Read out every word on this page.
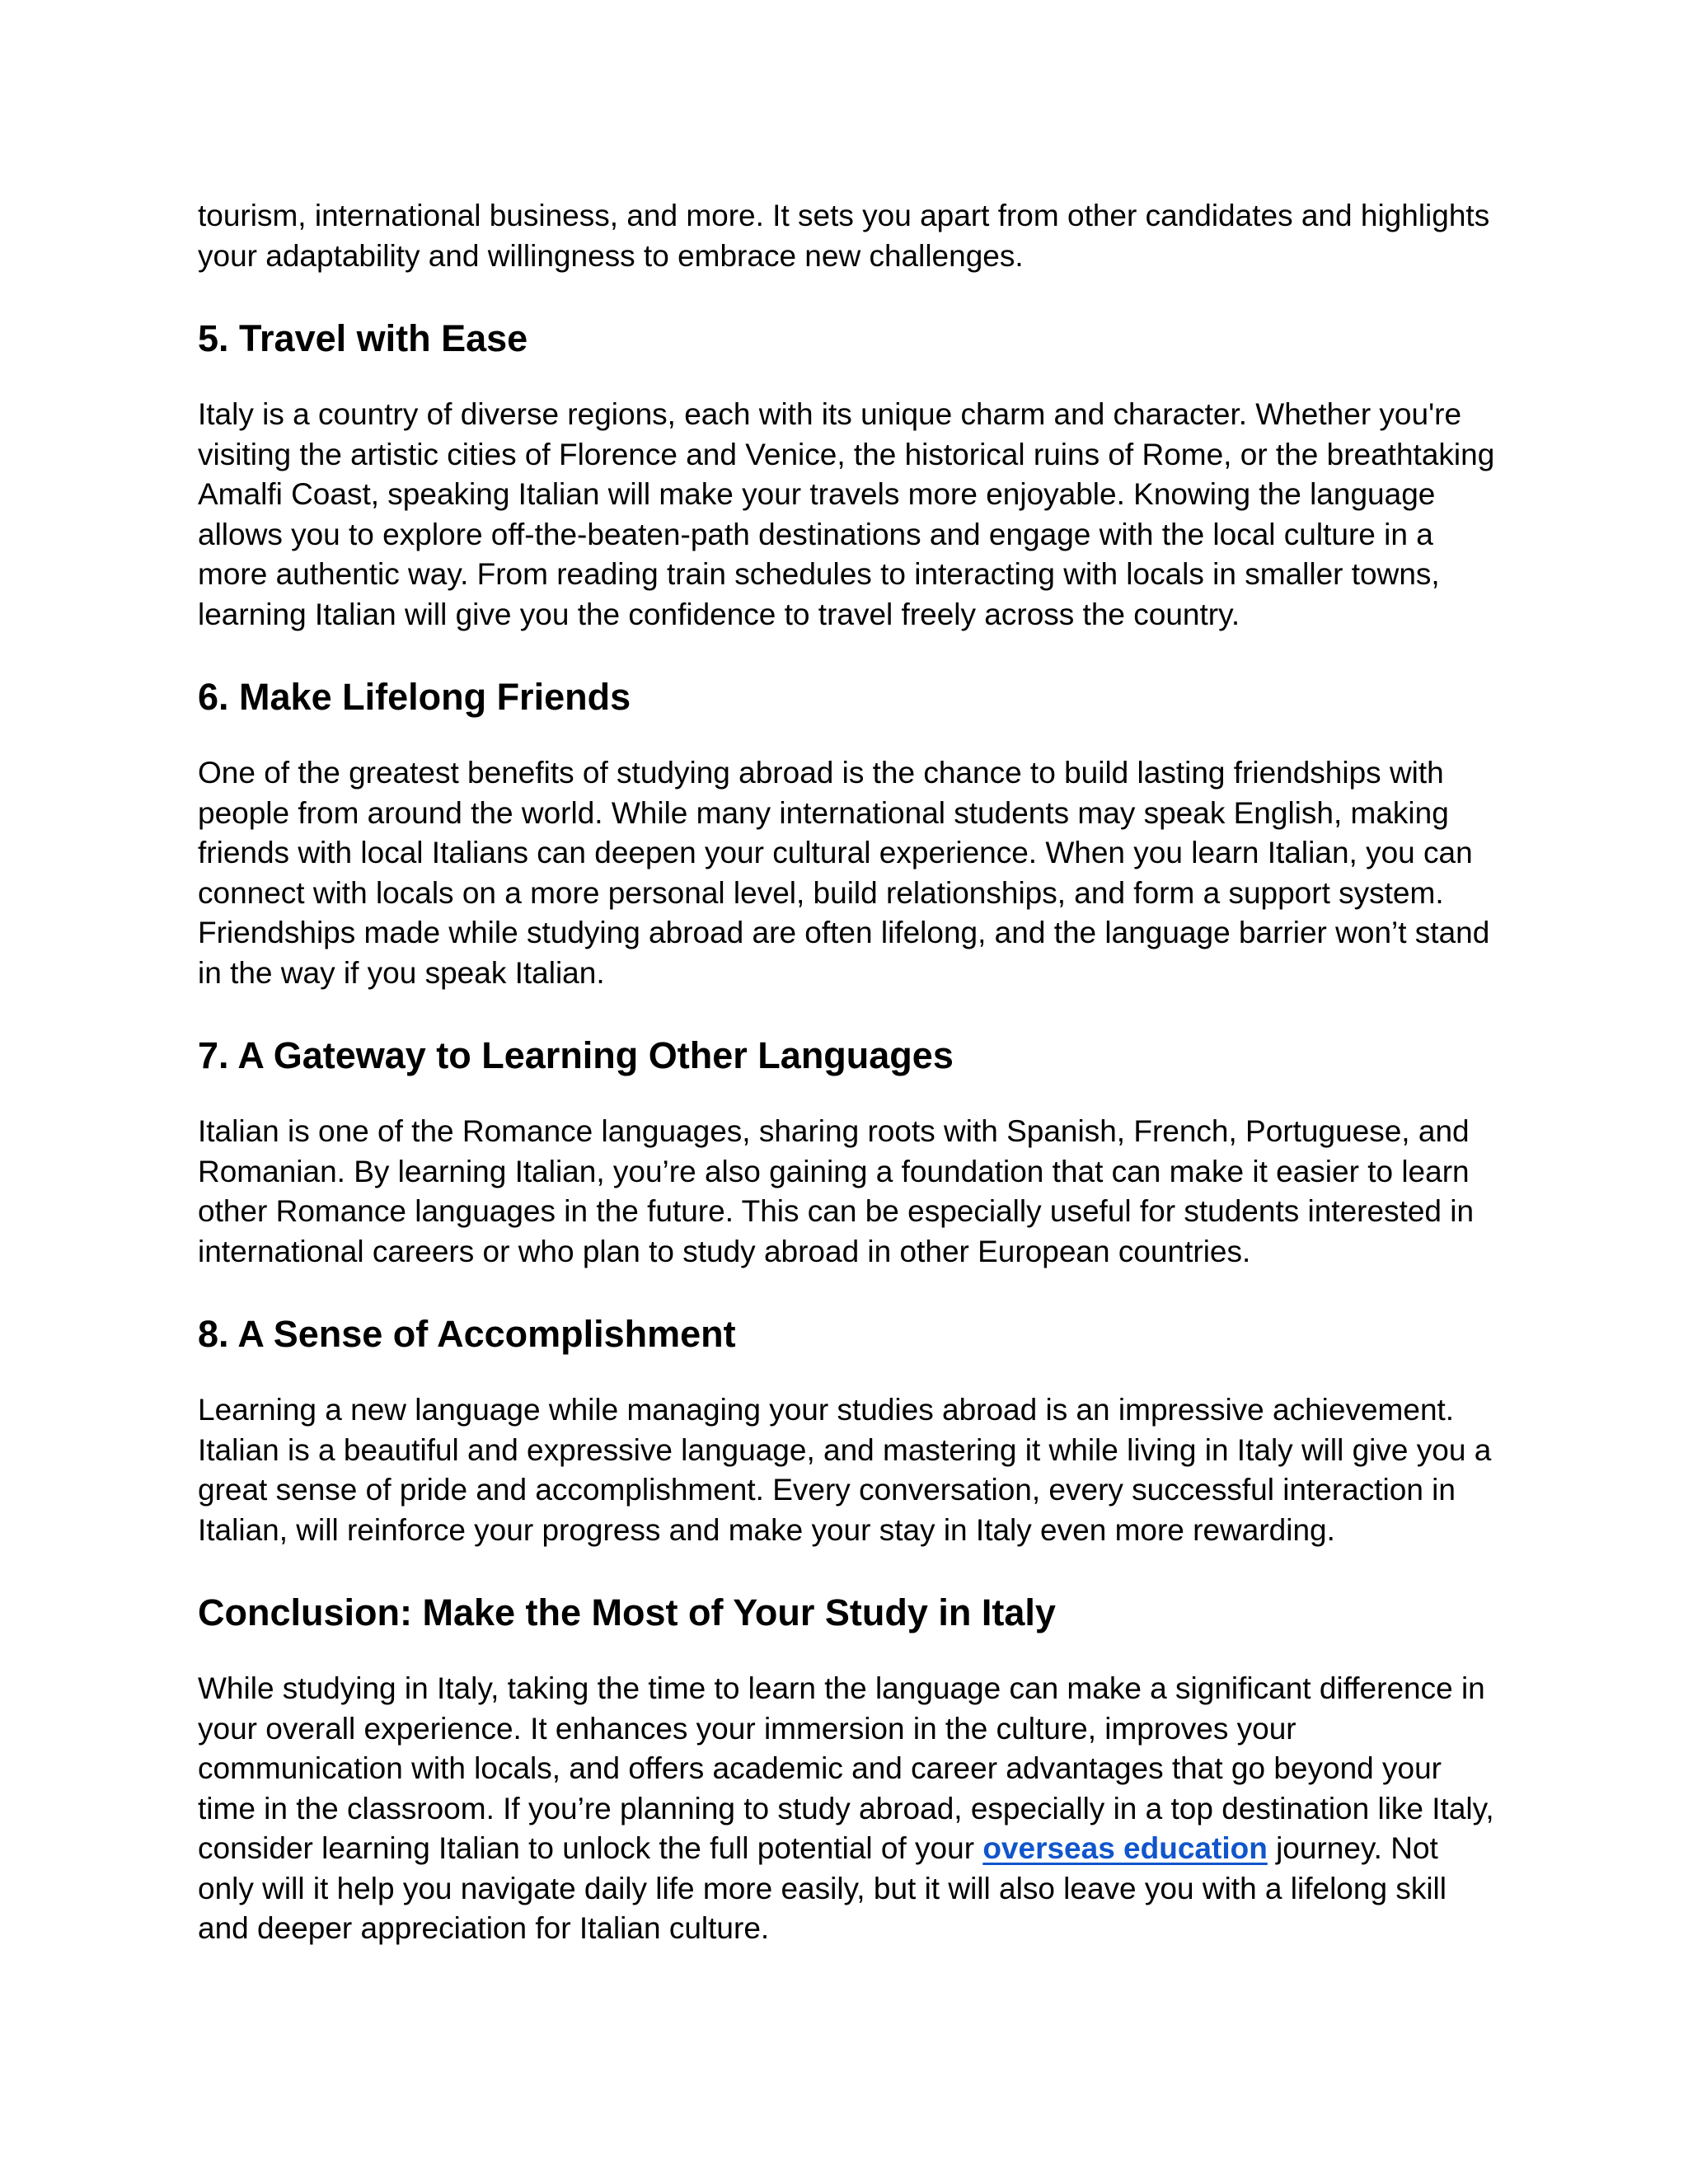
tourism, international business, and more. It sets you apart from other candidates and highlights your adaptability and willingness to embrace new challenges.

5. Travel with Ease

Italy is a country of diverse regions, each with its unique charm and character. Whether you're visiting the artistic cities of Florence and Venice, the historical ruins of Rome, or the breathtaking Amalfi Coast, speaking Italian will make your travels more enjoyable. Knowing the language allows you to explore off-the-beaten-path destinations and engage with the local culture in a more authentic way. From reading train schedules to interacting with locals in smaller towns, learning Italian will give you the confidence to travel freely across the country.

6. Make Lifelong Friends

One of the greatest benefits of studying abroad is the chance to build lasting friendships with people from around the world. While many international students may speak English, making friends with local Italians can deepen your cultural experience. When you learn Italian, you can connect with locals on a more personal level, build relationships, and form a support system. Friendships made while studying abroad are often lifelong, and the language barrier won’t stand in the way if you speak Italian.

7. A Gateway to Learning Other Languages

Italian is one of the Romance languages, sharing roots with Spanish, French, Portuguese, and Romanian. By learning Italian, you’re also gaining a foundation that can make it easier to learn other Romance languages in the future. This can be especially useful for students interested in international careers or who plan to study abroad in other European countries.

8. A Sense of Accomplishment

Learning a new language while managing your studies abroad is an impressive achievement. Italian is a beautiful and expressive language, and mastering it while living in Italy will give you a great sense of pride and accomplishment. Every conversation, every successful interaction in Italian, will reinforce your progress and make your stay in Italy even more rewarding.

Conclusion: Make the Most of Your Study in Italy

While studying in Italy, taking the time to learn the language can make a significant difference in your overall experience. It enhances your immersion in the culture, improves your communication with locals, and offers academic and career advantages that go beyond your time in the classroom. If you’re planning to study abroad, especially in a top destination like Italy, consider learning Italian to unlock the full potential of your overseas education journey. Not only will it help you navigate daily life more easily, but it will also leave you with a lifelong skill and deeper appreciation for Italian culture.
